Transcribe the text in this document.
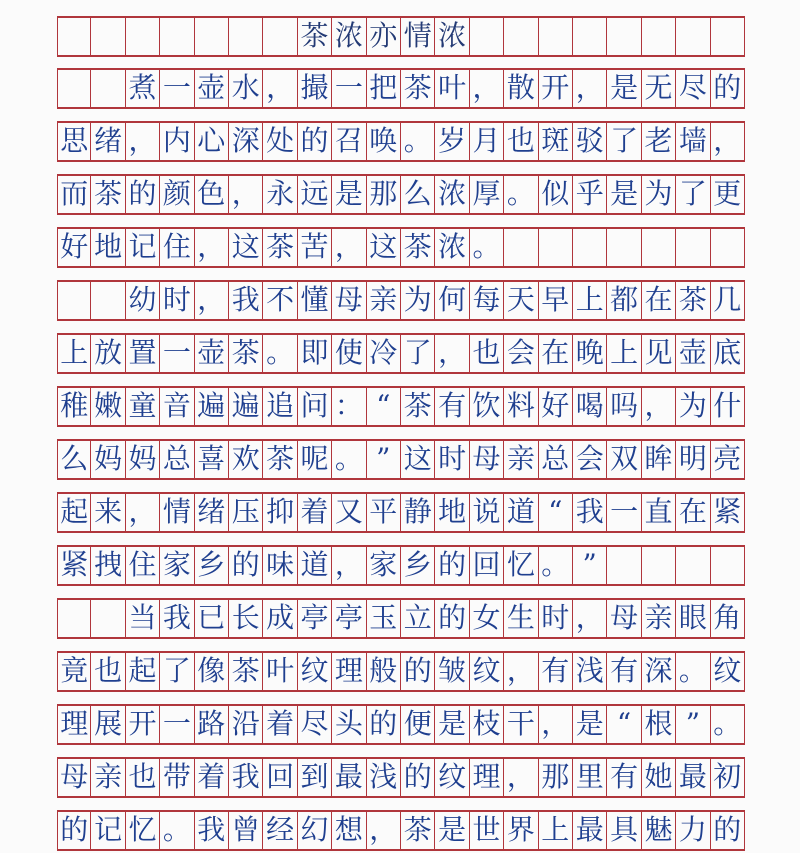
茶 浓 亦 情 浓
煮 一 壶 水 ， 撮 一 把 茶 叶 ， 散 开 ， 是 无 尽 的
思 绪 ， 内 心 深 处 的 召 唤 。 岁 月 也 斑 驳 了 老 墙 ，
而 茶 的 颜 色 ， 永 远 是 那 么 浓 厚 。 似 乎 是 为 了 更
好 地 记 住 ， 这 茶 苦 ， 这 茶 浓 。
幼 时 ， 我 不 懂 母 亲 为 何 每 天 早 上 都 在 茶 几
上 放 置 一 壶 茶 。 即 使 冷 了 ， 也 会 在 晚 上 见 壶 底
稚 嫩 童 音 遍 遍 追 问 ： “ 茶 有 饮 料 好 喝 吗 ， 为 什
么 妈 妈 总 喜 欢 茶 呢 。 ” 这 时 母 亲 总 会 双 眸 明 亮
起 来 ， 情 绪 压 抑 着 又 平 静 地 说 道 “ 我 一 直 在 紧
紧 拽 住 家 乡 的 味 道 ， 家 乡 的 回 忆 。 ”
当 我 已 长 成 亭 亭 玉 立 的 女 生 时 ， 母 亲 眼 角
竟 也 起 了 像 茶 叶 纹 理 般 的 皱 纹 ， 有 浅 有 深 。 纹
理 展 开 一 路 沿 着 尽 头 的 便 是 枝 干 ， 是 “ 根 ” 。
母 亲 也 带 着 我 回 到 最 浅 的 纹 理 ， 那 里 有 她 最 初
的 记 忆 。 我 曾 经 幻 想 ， 茶 是 世 界 上 最 具 魅 力 的
